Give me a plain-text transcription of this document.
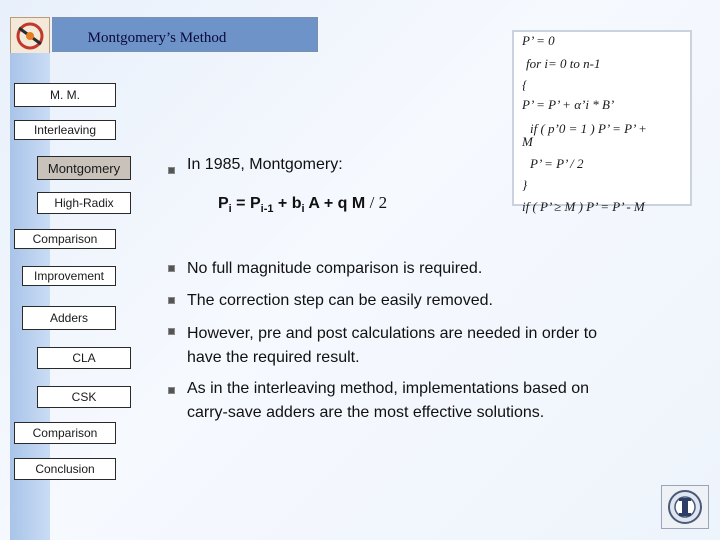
Montgomery’s Method
M. M.
Interleaving
Montgomery
High-Radix
Comparison
Improvement
Adders
CLA
CSK
Comparison
Conclusion
P’ = 0
for i= 0 to n-1
{
P’ = P’ + α’i * B’
if ( p’0 = 1 ) P’ = P’ +
M
P’ = P’ / 2
}
if ( P’ ≥ M ) P’ = P’ - M
In 1985, Montgomery:
$P_i = P_{i-1} + b_i$ A + q M / 2
No full magnitude comparison is required.
The correction step can be easily removed.
However, pre and post calculations are needed in order to
have the required result.
As in the interleaving method, implementations based on
carry-save adders are the most effective solutions.
